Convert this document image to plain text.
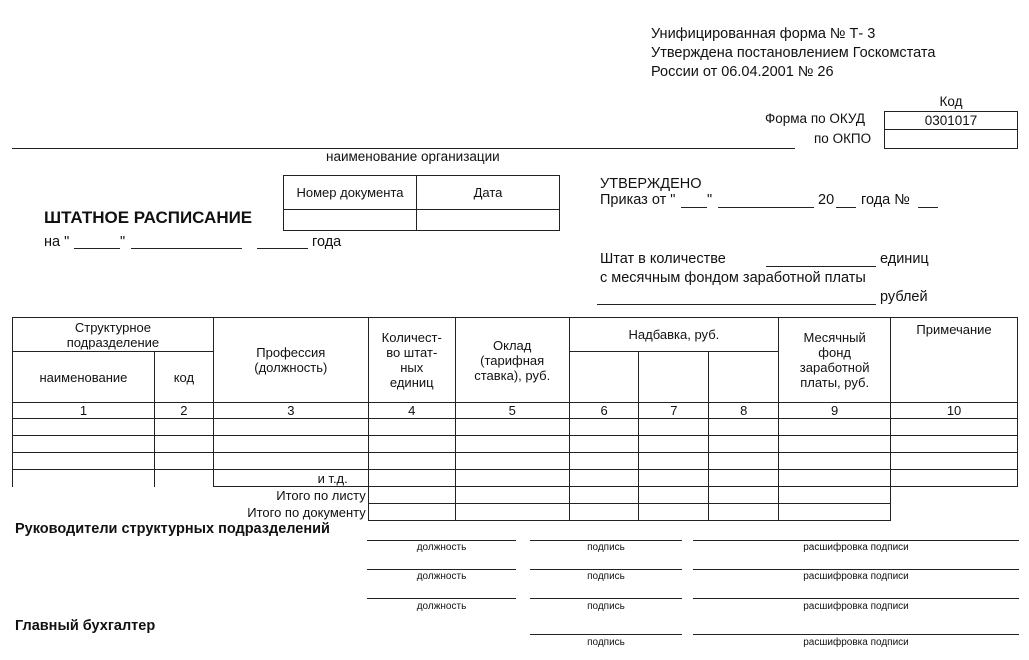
Унифицированная форма № Т- 3
Утверждена постановлением Госкомстата
России от 06.04.2001 № 26
Форма по ОКУД
по ОКПО
Код
0301017

наименование организации
Номер документа	Дата

ШТАТНОЕ РАСПИСАНИЕ
на "	"	года
УТВЕРЖДЕНО
Приказ от " "	20 года №
Штат в количестве	единиц
с месячным фондом заработной платы
рублей
Структурное подразделение		Профессия (должность)	Количест-во штат-ных единиц	Оклад (тарифная ставка), руб.	Надбавка, руб.			Месячный фонд заработной платы, руб.	Примечание
наименование	код								
1	2	3	4	5	6	7	8	9	10

		и т.д.							
		Итого по листу							
		Итого по документу							
Руководители структурных подразделений
должность	подпись	расшифровка подписи
должность	подпись	расшифровка подписи
должность	подпись	расшифровка подписи
Главный бухгалтер
подпись	расшифровка подписи
